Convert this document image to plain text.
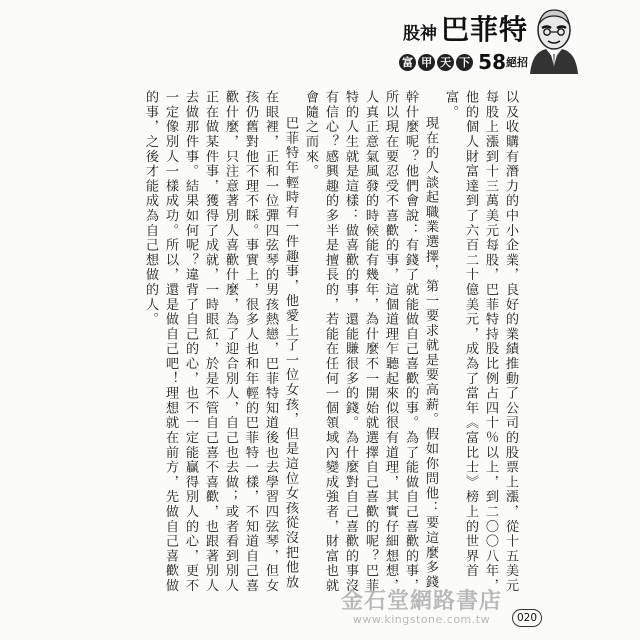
股神 巴菲特
富 甲 天 下 58 絕招

以及收購有潛力的中小企業，良好的業績推動了公司的股票上漲，從十五美元每股上漲到十三萬美元每股，巴菲特持股比例占四十％以上，到二〇〇八年，他的個人財富達到了六百二十億美元，成為了當年《富比士》榜上的世界首富。

現在的人談起職業選擇，第一要求就是要高薪。假如你問他：要這麼多錢幹什麼呢？他們會說：有錢了就能做自己喜歡的事。為了能做自己喜歡的事，所以現在要忍受不喜歡的事，這個道理乍聽起來似很有道理，其實仔細想想，人真正意氣風發的時候能有幾年，為什麼不一開始就選擇自己喜歡的呢？巴菲特的人生就是這樣：做喜歡的事，還能賺很多的錢。為什麼對自己喜歡的事沒有信心？感興趣的多半是擅長的，若能在任何一個領域內變成強者，財富也就會隨之而來。

巴菲特年輕時有一件趣事，他愛上了一位女孩，但是這位女孩從沒把他放在眼裡，正和一位彈四弦琴的男孩熱戀，巴菲特知道後也去學習四弦琴，但女孩仍舊對他不理不睬。事實上，很多人也和年輕的巴菲特一樣，不知道自己喜歡什麼，只注意著別人喜歡什麼，為了迎合別人，自己也去做；或者看到別人正在做某件事，獲得了成就，一時眼紅，於是不管自己喜不喜歡，也跟著別人去做那件事。結果如何呢？違背了自己的心，也不一定能贏得別人的心，更不一定像別人一樣成功。所以，還是做自己吧！理想就在前方，先做自己喜歡做的事，之後才能成為自己想做的人。

金石堂網路書店
www.kingstone.com.tw	020
